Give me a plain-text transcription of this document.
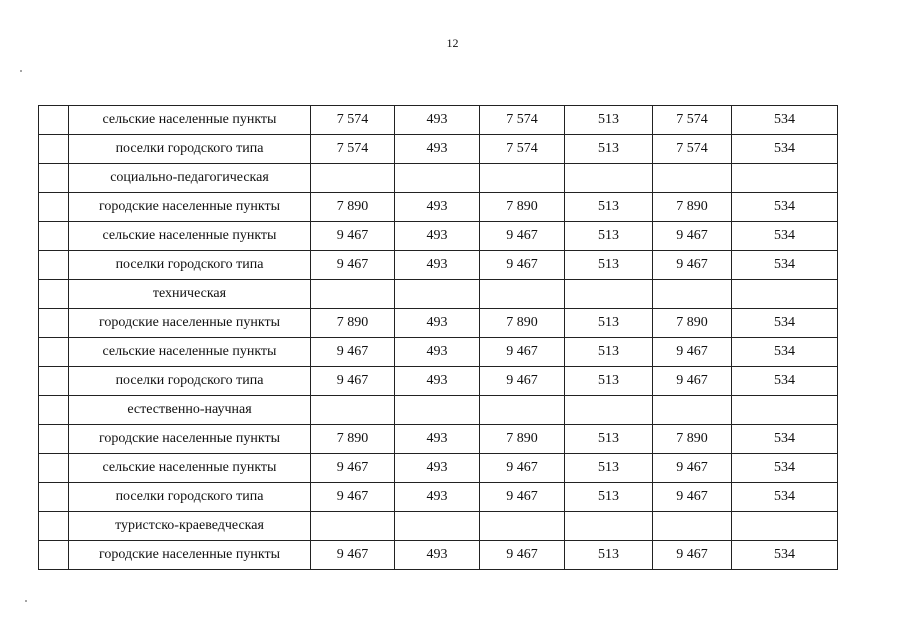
12
	сельские населенные пункты	7 574	493	7 574	513	7 574	534
	поселки городского типа	7 574	493	7 574	513	7 574	534
	социально-педагогическая						
	городские населенные пункты	7 890	493	7 890	513	7 890	534
	сельские населенные пункты	9 467	493	9 467	513	9 467	534
	поселки городского типа	9 467	493	9 467	513	9 467	534
	техническая						
	городские населенные пункты	7 890	493	7 890	513	7 890	534
	сельские населенные пункты	9 467	493	9 467	513	9 467	534
	поселки городского типа	9 467	493	9 467	513	9 467	534
	естественно-научная						
	городские населенные пункты	7 890	493	7 890	513	7 890	534
	сельские населенные пункты	9 467	493	9 467	513	9 467	534
	поселки городского типа	9 467	493	9 467	513	9 467	534
	туристско-краеведческая						
	городские населенные пункты	9 467	493	9 467	513	9 467	534
